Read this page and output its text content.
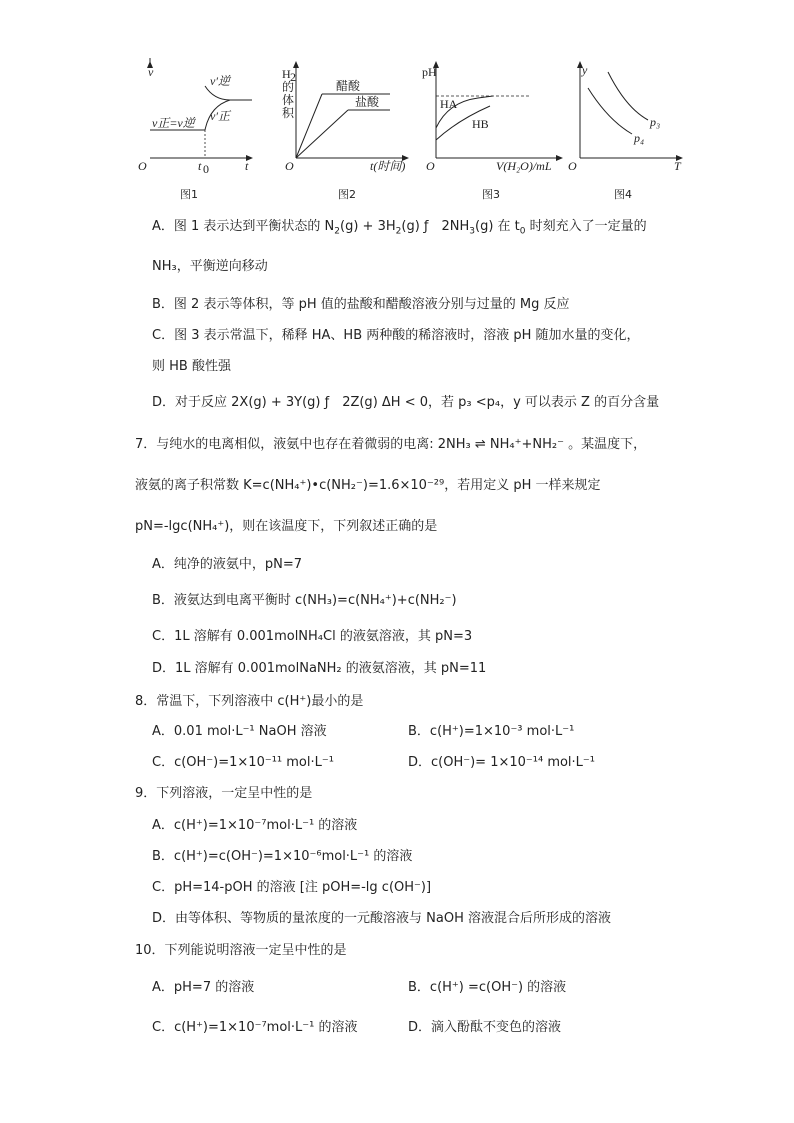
v
t
O	t 0
v正=v逆
v′逆
v′正
图1
H 2
的
体
积
t(时间)
O
醋酸
盐酸
图2
pH
V(H₂O)/mL
O
HA
HB
图3
y
T
O
p₃
p₄
图4
A．图 1 表示达到平衡状态的 $N_2(g) + 3H_2(g)$ ƒ　$2NH_3(g)$ 在 $t_0$ 时刻充入了一定量的
NH₃，平衡逆向移动
B．图 2 表示等体积，等 pH 值的盐酸和醋酸溶液分别与过量的 Mg 反应
C．图 3 表示常温下，稀释 HA、HB 两种酸的稀溶液时，溶液 pH 随加水量的变化，
则 HB 酸性强
D．对于反应 2X(g) + 3Y(g) ƒ　2Z(g) ΔH < 0，若 p₃ <p₄，y 可以表示 Z 的百分含量
7．与纯水的电离相似，液氨中也存在着微弱的电离: 2NH₃ ⇌ NH₄⁺+NH₂⁻ 。某温度下，
液氨的离子积常数 K=c(NH₄⁺)•c(NH₂⁻)=1.6×10⁻²⁹，若用定义 pH 一样来规定
pN=-lgc(NH₄⁺)，则在该温度下，下列叙述正确的是
A．纯净的液氨中，pN=7
B．液氨达到电离平衡时 c(NH₃)=c(NH₄⁺)+c(NH₂⁻)
C．1L 溶解有 0.001molNH₄Cl 的液氨溶液，其 pN=3
D．1L 溶解有 0.001molNaNH₂ 的液氨溶液，其 pN=11
8．常温下，下列溶液中 c(H⁺)最小的是
A．0.01 mol·L⁻¹ NaOH 溶液	B．c(H⁺)=1×10⁻³ mol·L⁻¹
C．c(OH⁻)=1×10⁻¹¹ mol·L⁻¹	D．c(OH⁻)= 1×10⁻¹⁴ mol·L⁻¹
9．下列溶液，一定呈中性的是
A．c(H⁺)=1×10⁻⁷mol·L⁻¹ 的溶液
B．c(H⁺)=c(OH⁻)=1×10⁻⁶mol·L⁻¹ 的溶液
C．pH=14-pOH 的溶液 [注 pOH=-lg c(OH⁻)]
D．由等体积、等物质的量浓度的一元酸溶液与 NaOH 溶液混合后所形成的溶液
10．下列能说明溶液一定呈中性的是
A．pH=7 的溶液	B．c(H⁺) =c(OH⁻) 的溶液
C．c(H⁺)=1×10⁻⁷mol·L⁻¹ 的溶液	D．滴入酚酞不变色的溶液
